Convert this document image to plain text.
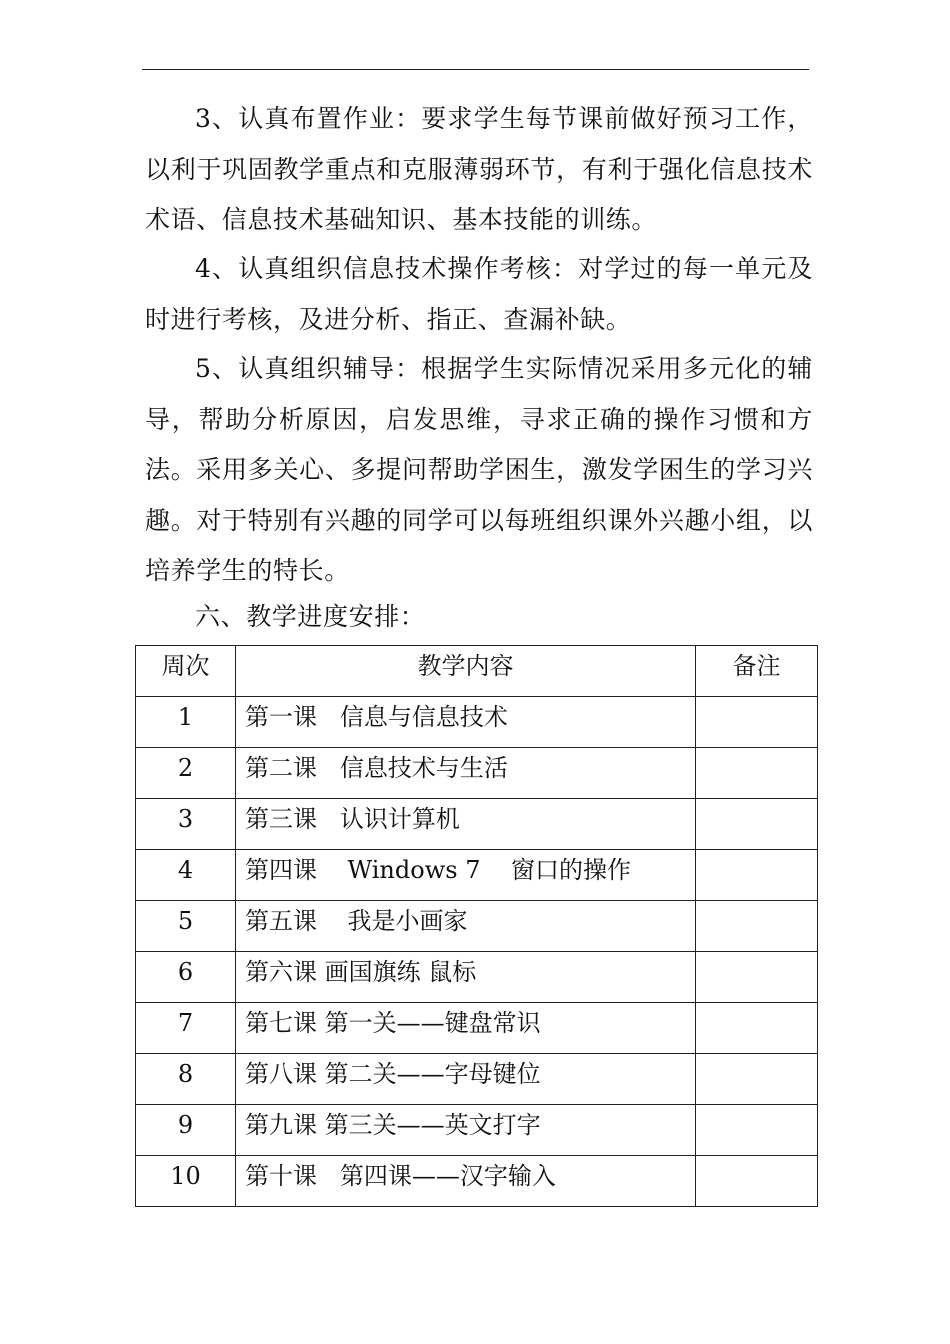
3、认真布置作业：要求学生每节课前做好预习工作，以利于巩固教学重点和克服薄弱环节，有利于强化信息技术术语、信息技术基础知识、基本技能的训练。

4、认真组织信息技术操作考核：对学过的每一单元及时进行考核，及进分析、指正、查漏补缺。

5、认真组织辅导：根据学生实际情况采用多元化的辅导，帮助分析原因，启发思维，寻求正确的操作习惯和方法。采用多关心、多提问帮助学困生，激发学困生的学习兴趣。对于特别有兴趣的同学可以每班组织课外兴趣小组，以培养学生的特长。

六、教学进度安排：

周次	教学内容	备注
1	第一课   信息与信息技术	
2	第二课   信息技术与生活	
3	第三课   认识计算机	
4	第四课    Windows 7    窗口的操作	
5	第五课    我是小画家	
6	第六课 画国旗练 鼠标	
7	第七课 第一关——键盘常识	
8	第八课 第二关——字母键位	
9	第九课 第三关——英文打字	
10	第十课   第四课——汉字输入	
